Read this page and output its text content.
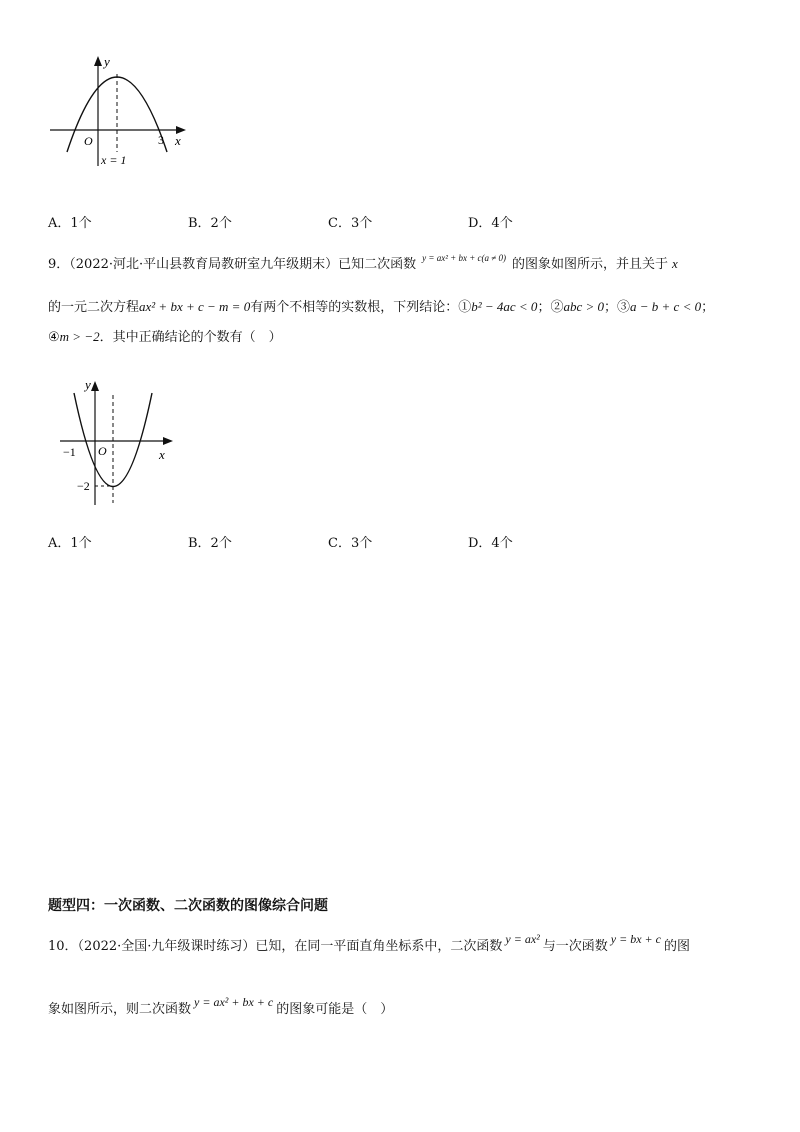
y
x
O	3
x = 1
A．1个	B．2个	C．3个	D．4个
9．（2022·河北·平山县教育局教研室九年级期末）已知二次函数 $^{y = ax^2 + bx + c(a \ne 0)}$ 的图象如图所示，并且关于 x
的一元二次方程ax² + bx + c − m = 0有两个不相等的实数根，下列结论：①b² − 4ac < 0；②abc > 0；③a − b + c < 0；
④m > −2．其中正确结论的个数有（　）
y
x
O
−1
−2
A．1个	B．2个	C．3个	D．4个
题型四：一次函数、二次函数的图像综合问题
10．（2022·全国·九年级课时练习）已知，在同一平面直角坐标系中，二次函数 y = ax² 与一次函数 y = bx + c 的图
象如图所示，则二次函数 y = ax² + bx + c 的图象可能是（　）
